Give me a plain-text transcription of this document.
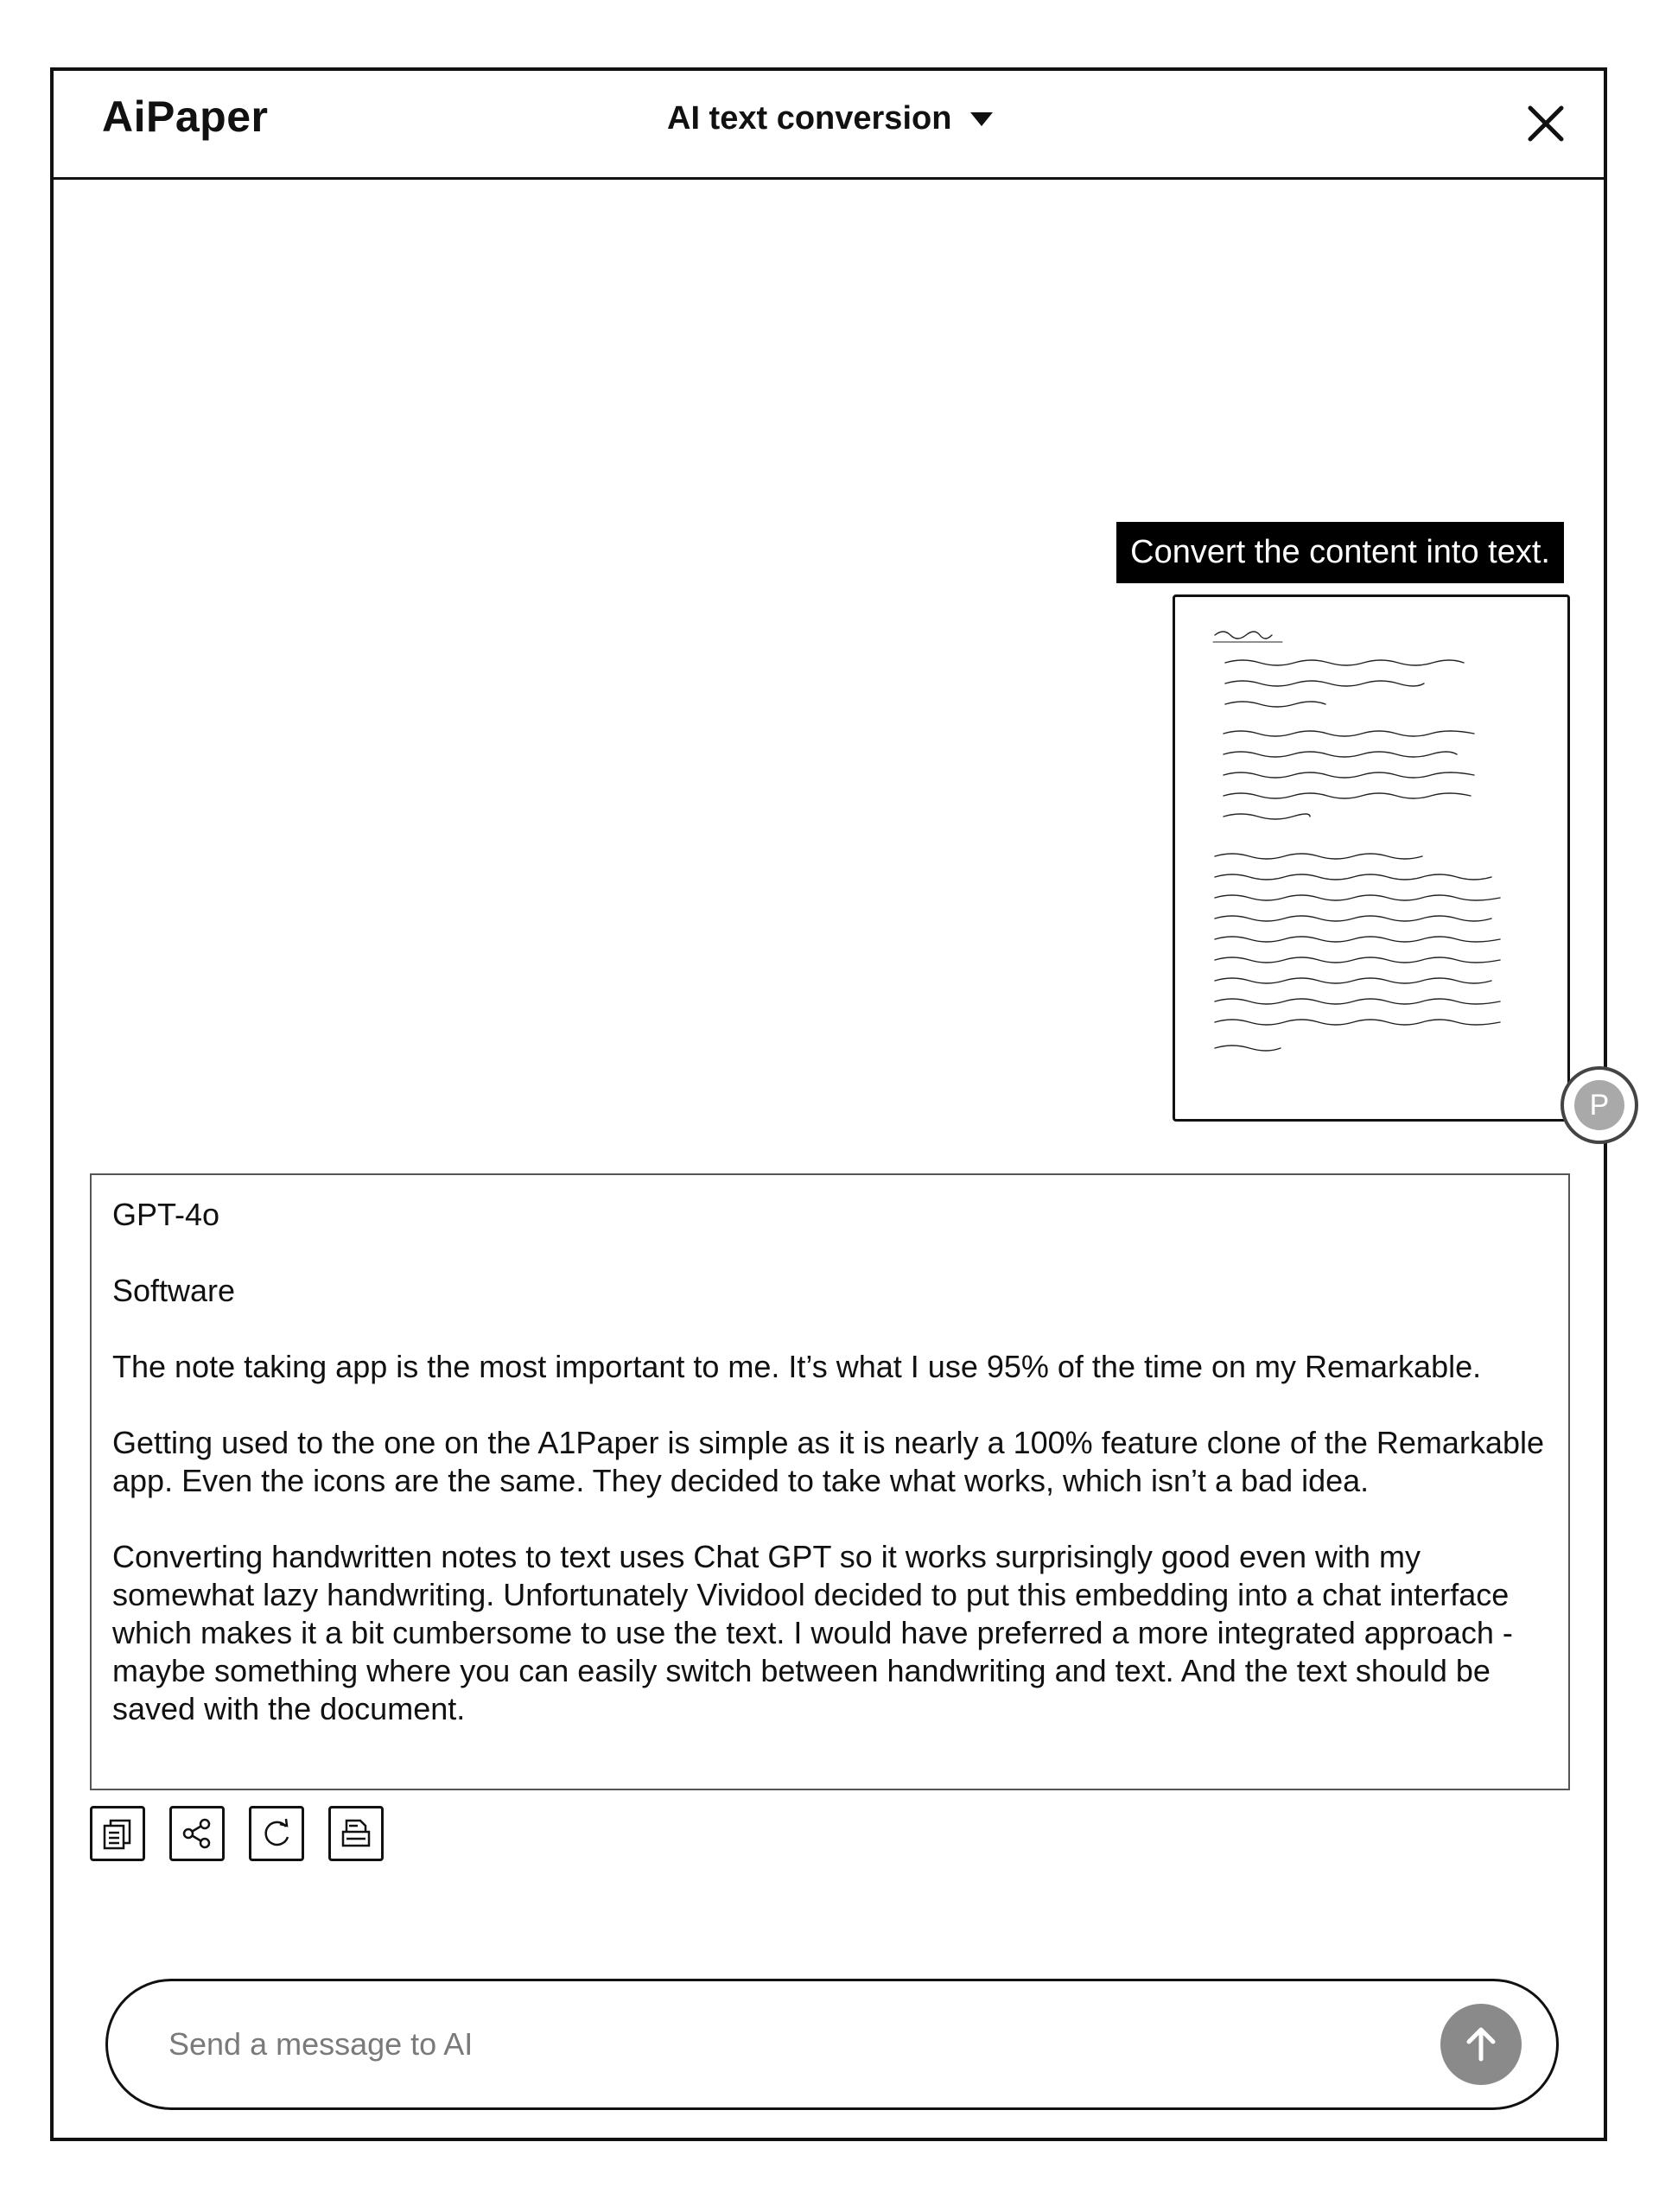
AiPaper	AI text conversion
Convert the content into text.
P

GPT-4o

Software

The note taking app is the most important to me. It’s what I use 95% of the time on my Remarkable.

Getting used to the one on the A1Paper is simple as it is nearly a 100% feature clone of the Remarkable app. Even the icons are the same. They decided to take what works, which isn’t a bad idea.

Converting handwritten notes to text uses Chat GPT so it works surprisingly good even with my somewhat lazy handwriting. Unfortunately Vividool decided to put this embedding into a chat interface which makes it a bit cumbersome to use the text. I would have preferred a more integrated approach - maybe something where you can easily switch between handwriting and text. And the text should be saved with the document.

Send a message to AI
